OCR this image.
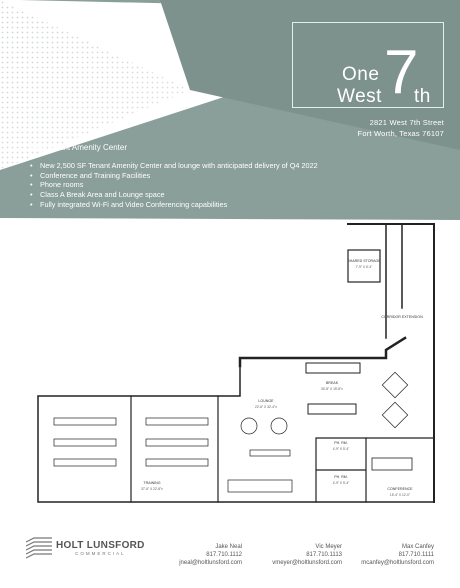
One
West 7
th
2821 West 7th Street
Fort Worth, Texas 76107
New Tenant Amenity Center
• New 2,500 SF Tenant Amenity Center and lounge with anticipated delivery of Q4 2022
• Conference and Training Facilities
• Phone rooms
• Class A Break Area and Lounge space
• Fully integrated Wi-Fi and Video Conferencing capabilities
SHARED STORAGE
7'-9" X 6'-4"
CORRIDOR EXTENSION
BREAK
30'-8" X 19'-8"±
LOUNGE
22'-6" X 32'-4"±
PH. RM.
4'-9" X 5'-4"
PH. RM.
4'-9" X 5'-4"
TRAINING
37'-6" X 22'-8"±	CONFERENCE
15'-4" X 12'-0"
HOLT LUNSFORD
COMMERCIAL
Jake Neal
817.710.1112
jneal@holtlunsford.com
Vic Meyer
817.710.1113
vmeyer@holtlunsford.com
Max Canfey
817.710.1111
mcanfey@holtlunsford.com
